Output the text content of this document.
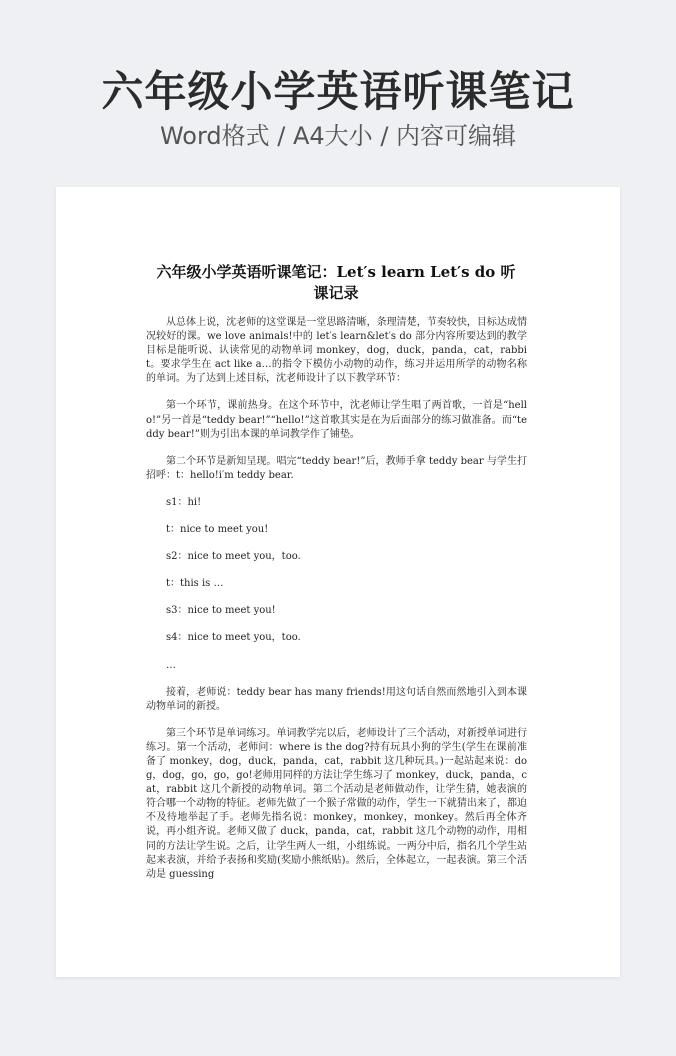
六年级小学英语听课笔记
Word格式 / A4大小 / 内容可编辑
六年级小学英语听课笔记：Let′s learn Let′s do 听课记录

从总体上说，沈老师的这堂课是一堂思路清晰，条理清楚，节奏较快，目标达成情况较好的课。we love animals!中的 let′s learn&let′s do 部分内容所要达到的教学目标是能听说、认读常见的动物单词 monkey，dog，duck，panda，cat，rabbit。要求学生在 act like a…的指令下模仿小动物的动作，练习并运用所学的动物名称的单词。为了达到上述目标，沈老师设计了以下教学环节：

第一个环节，课前热身。在这个环节中，沈老师让学生唱了两首歌，一首是“hello!”另一首是“teddy bear!”“hello!”这首歌其实是在为后面部分的练习做准备。而“teddy bear!”则为引出本课的单词教学作了铺垫。

第二个环节是新知呈现。唱完“teddy bear!”后，教师手拿 teddy bear 与学生打招呼：t：hello!i′m teddy bear.

s1：hi!

t：nice to meet you!

s2：nice to meet you，too.

t：this is …

s3：nice to meet you!

s4：nice to meet you，too.

…

接着，老师说：teddy bear has many friends!用这句话自然而然地引入到本课动物单词的新授。

第三个环节是单词练习。单词教学完以后，老师设计了三个活动，对新授单词进行练习。第一个活动，老师问：where is the dog?持有玩具小狗的学生(学生在课前准备了 monkey，dog，duck，panda，cat，rabbit 这几种玩具。)一起站起来说：dog，dog，go，go，go!老师用同样的方法让学生练习了 monkey，duck，panda，cat，rabbit 这几个新授的动物单词。第二个活动是老师做动作，让学生猜，她表演的符合哪一个动物的特征。老师先做了一个猴子常做的动作，学生一下就猜出来了，都迫不及待地举起了手。老师先指名说：monkey，monkey，monkey。然后再全体齐说，再小组齐说。老师又做了 duck，panda，cat，rabbit 这几个动物的动作，用相同的方法让学生说。之后，让学生两人一组，小组练说。一两分中后，指名几个学生站起来表演，并给予表扬和奖励(奖励小熊纸贴)。然后，全体起立，一起表演。第三个活动是 guessing
